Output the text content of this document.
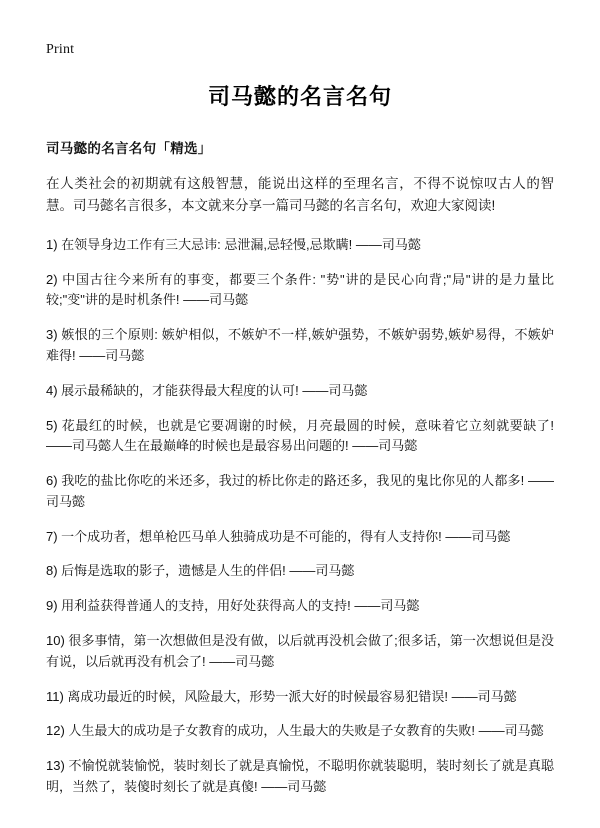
Print
司马懿的名言名句
司马懿的名言名句「精选」

在人类社会的初期就有这般智慧，能说出这样的至理名言，不得不说惊叹古人的智慧。司马懿名言很多，本文就来分享一篇司马懿的名言名句，欢迎大家阅读!

1) 在领导身边工作有三大忌讳: 忌泄漏,忌轻慢,忌欺瞒! ——司马懿
2) 中国古往今来所有的事变，都要三个条件: "势"讲的是民心向背;"局"讲的是力量比较;"变"讲的是时机条件! ——司马懿
3) 嫉恨的三个原则: 嫉妒相似，不嫉妒不一样,嫉妒强势，不嫉妒弱势,嫉妒易得，不嫉妒难得! ——司马懿
4) 展示最稀缺的，才能获得最大程度的认可! ——司马懿
5) 花最红的时候，也就是它要凋谢的时候，月亮最圆的时候，意味着它立刻就要缺了! ——司马懿人生在最巅峰的时候也是最容易出问题的! ——司马懿
6) 我吃的盐比你吃的米还多，我过的桥比你走的路还多，我见的鬼比你见的人都多! ——司马懿
7) 一个成功者，想单枪匹马单人独骑成功是不可能的，得有人支持你! ——司马懿
8) 后悔是选取的影子，遗憾是人生的伴侣! ——司马懿
9) 用利益获得普通人的支持，用好处获得高人的支持! ——司马懿
10) 很多事情，第一次想做但是没有做，以后就再没机会做了;很多话，第一次想说但是没有说，以后就再没有机会了! ——司马懿
11) 离成功最近的时候，风险最大，形势一派大好的时候最容易犯错误! ——司马懿
12) 人生最大的成功是子女教育的成功，人生最大的失败是子女教育的失败! ——司马懿
13) 不愉悦就装愉悦，装时刻长了就是真愉悦，不聪明你就装聪明，装时刻长了就是真聪明，当然了，装傻时刻长了就是真傻! ——司马懿
